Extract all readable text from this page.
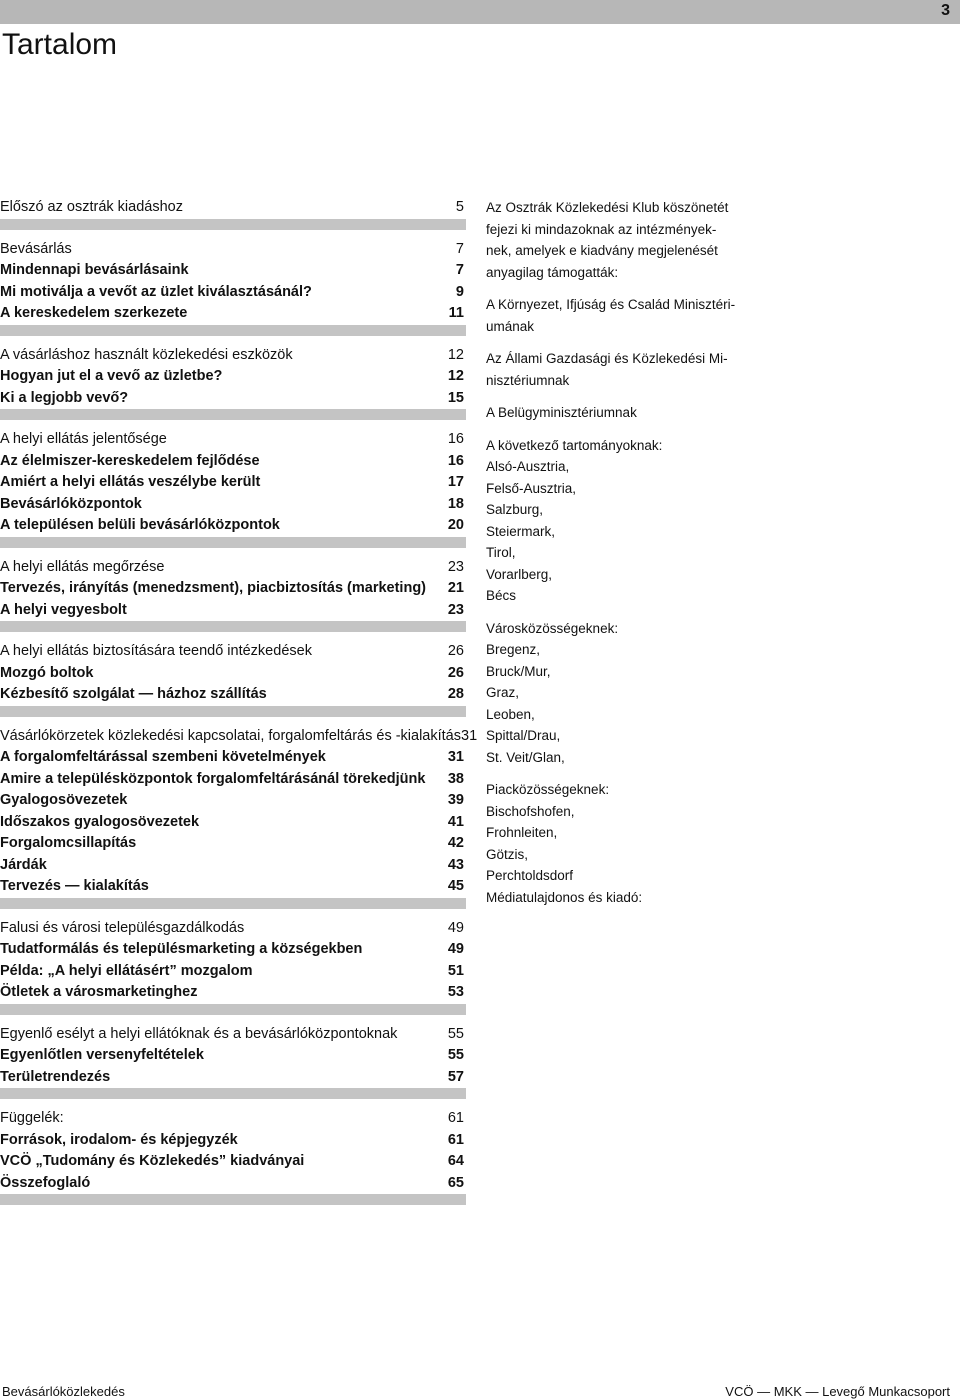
3
Tartalom
Előszó az osztrák kiadáshoz	5
Bevásárlás	7
Mindennapi bevásárlásaink	7
Mi motiválja a vevőt az üzlet kiválasztásánál?	9
A kereskedelem szerkezete	11
A vásárláshoz használt közlekedési eszközök	12
Hogyan jut el a vevő az üzletbe?	12
Ki a legjobb vevő?	15
A helyi ellátás jelentősége	16
Az élelmiszer-kereskedelem fejlődése	16
Amiért a helyi ellátás veszélybe került	17
Bevásárlóközpontok	18
A településen belüli bevásárlóközpontok	20
A helyi ellátás megőrzése	23
Tervezés, irányítás (menedzsment), piacbiztosítás (marketing) 21
A helyi vegyesbolt	23
A helyi ellátás biztosítására teendő intézkedések	26
Mozgó boltok	26
Kézbesítő szolgálat — házhoz szállítás	28
Vásárlókörzetek közlekedési kapcsolatai, forgalomfeltárás és -kialakítás 31
A forgalomfeltárással szembeni követelmények	31
Amire a településközpontok forgalomfeltárásánál törekedjünk 38
Gyalogosövezetek	39
Időszakos gyalogosövezetek	41
Forgalomcsillapítás	42
Járdák	43
Tervezés — kialakítás	45
Falusi és városi településgazdálkodás	49
Tudatformálás és településmarketing a községekben	49
Példa: „A helyi ellátásért” mozgalom	51
Ötletek a városmarketinghez	53
Egyenlő esélyt a helyi ellátóknak és a bevásárlóközpontoknak	55
Egyenlőtlen versenyfeltételek	55
Területrendezés	57
Függelék:	61
Források, irodalom- és képjegyzék	61
VCÖ „Tudomány és Közlekedés” kiadványai	64
Összefoglaló	65

Az Osztrák Közlekedési Klub köszönetét
fejezi ki mindazoknak az intézmények-
nek, amelyek e kiadvány megjelenését
anyagilag támogatták:

A Környezet, Ifjúság és Család Minisztéri-
umának

Az Állami Gazdasági és Közlekedési Mi-
nisztériumnak

A Belügyminisztériumnak

A következő tartományoknak:
Alsó-Ausztria,
Felső-Ausztria,
Salzburg,
Steiermark,
Tirol,
Vorarlberg,
Bécs

Városközösségeknek:
Bregenz,
Bruck/Mur,
Graz,
Leoben,
Spittal/Drau,
St. Veit/Glan,

Piacközösségeknek:
Bischofshofen,
Frohnleiten,
Götzis,
Perchtoldsdorf
Médiatulajdonos és kiadó:

Bevásárlóközlekedés	VCÖ — MKK — Levegő Munkacsoport
